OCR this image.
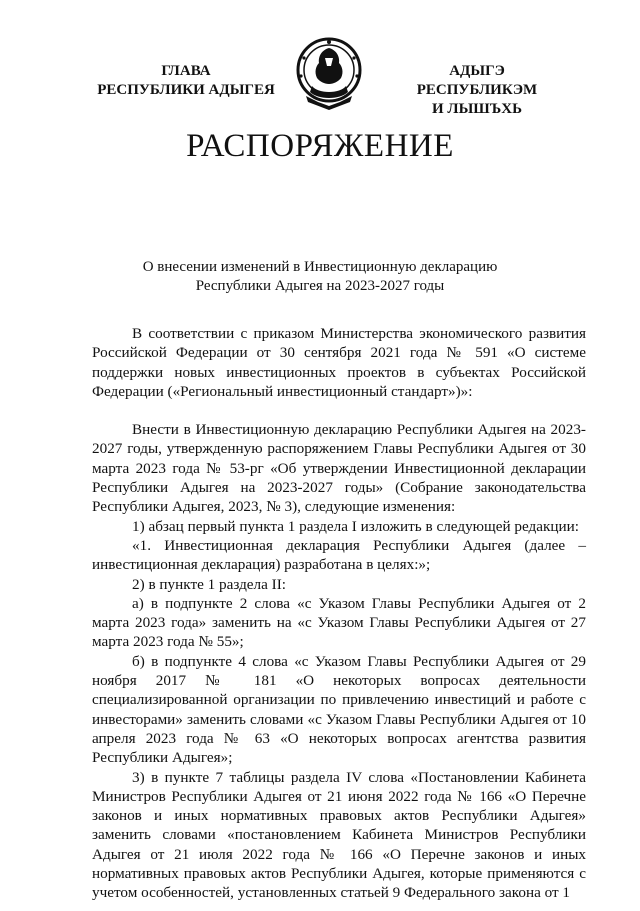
ГЛАВА
РЕСПУБЛИКИ АДЫГЕЯ
АДЫГЭ РЕСПУБЛИКЭМ
И ЛЫШЪХЬ
РАСПОРЯЖЕНИЕ
О внесении изменений в Инвестиционную декларацию
Республики Адыгея на 2023-2027 годы

В соответствии с приказом Министерства экономического развития Российской Федерации от 30 сентября 2021 года № 591 «О системе поддержки новых инвестиционных проектов в субъектах Российской Федерации («Региональный инвестиционный стандарт»)»:

Внести в Инвестиционную декларацию Республики Адыгея на 2023-2027 годы, утвержденную распоряжением Главы Республики Адыгея от 30 марта 2023 года № 53-рг «Об утверждении Инвестиционной декларации Республики Адыгея на 2023-2027 годы» (Собрание законодательства Республики Адыгея, 2023, № 3), следующие изменения:

1) абзац первый пункта 1 раздела I изложить в следующей редакции:

«1. Инвестиционная декларация Республики Адыгея (далее – инвестиционная декларация) разработана в целях:»;

2) в пункте 1 раздела II:

а) в подпункте 2 слова «с Указом Главы Республики Адыгея от 2 марта 2023 года» заменить на «с Указом Главы Республики Адыгея от 27 марта 2023 года № 55»;

б) в подпункте 4 слова «с Указом Главы Республики Адыгея от 29 ноября 2017 № 181 «О некоторых вопросах деятельности специализированной организации по привлечению инвестиций и работе с инвесторами» заменить словами «с Указом Главы Республики Адыгея от 10 апреля 2023 года № 63 «О некоторых вопросах агентства развития Республики Адыгея»;

3) в пункте 7 таблицы раздела IV слова «Постановлении Кабинета Министров Республики Адыгея от 21 июня 2022 года № 166 «О Перечне законов и иных нормативных правовых актов Республики Адыгея» заменить словами «постановлением Кабинета Министров Республики Адыгея от 21 июля 2022 года № 166 «О Перечне законов и иных нормативных правовых актов Республики Адыгея, которые применяются с учетом особенностей, установленных статьей 9 Федерального закона от 1
